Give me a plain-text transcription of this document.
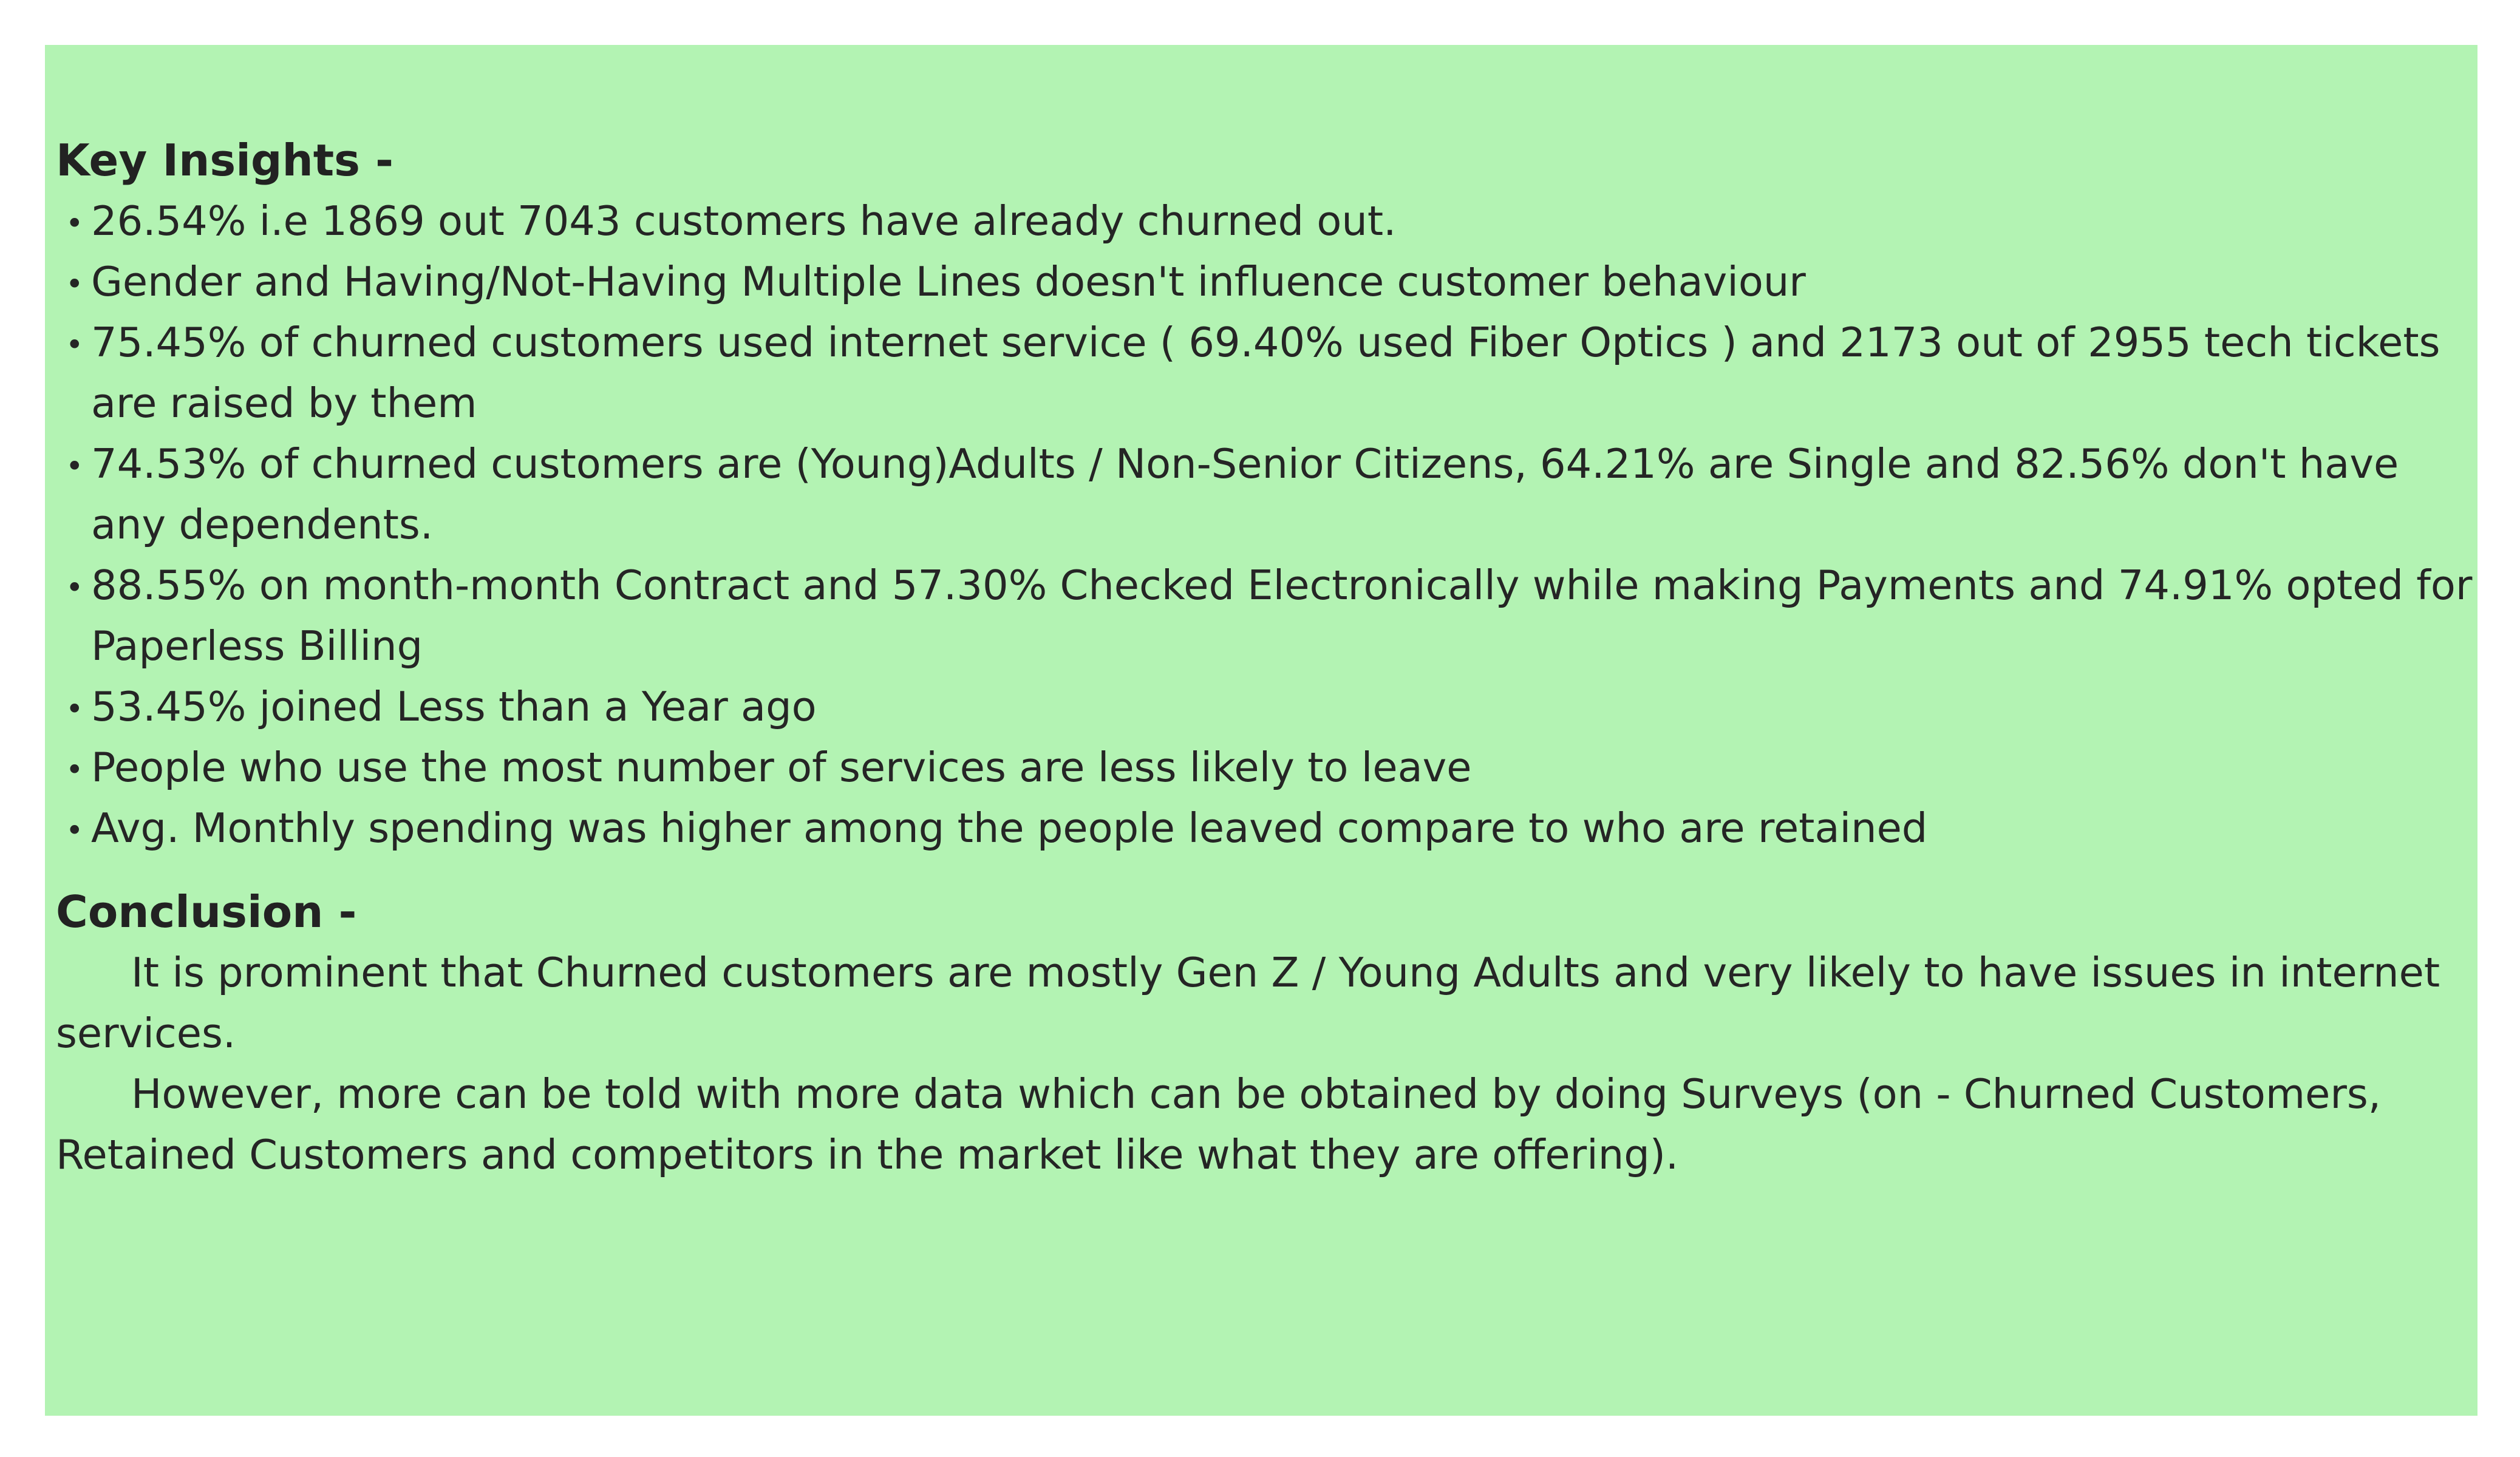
Key Insights -
• 26.54% i.e 1869 out 7043 customers have already churned out.
• Gender and Having/Not-Having Multiple Lines doesn't influence customer behaviour
• 75.45% of churned customers used internet service ( 69.40% used Fiber Optics ) and 2173 out of 2955 tech tickets are raised by them
• 74.53% of churned customers are (Young)Adults / Non-Senior Citizens, 64.21% are Single and 82.56% don't have any dependents.
• 88.55% on month-month Contract and 57.30% Checked Electronically while making Payments and 74.91% opted for Paperless Billing
• 53.45% joined Less than a Year ago
• People who use the most number of services are less likely to leave
• Avg. Monthly spending was higher among the people leaved compare to who are retained
Conclusion -

It is prominent that Churned customers are mostly Gen Z / Young Adults and very likely to have issues in internet services.

However, more can be told with more data which can be obtained by doing Surveys (on - Churned Customers, Retained Customers and competitors in the market like what they are offering).
